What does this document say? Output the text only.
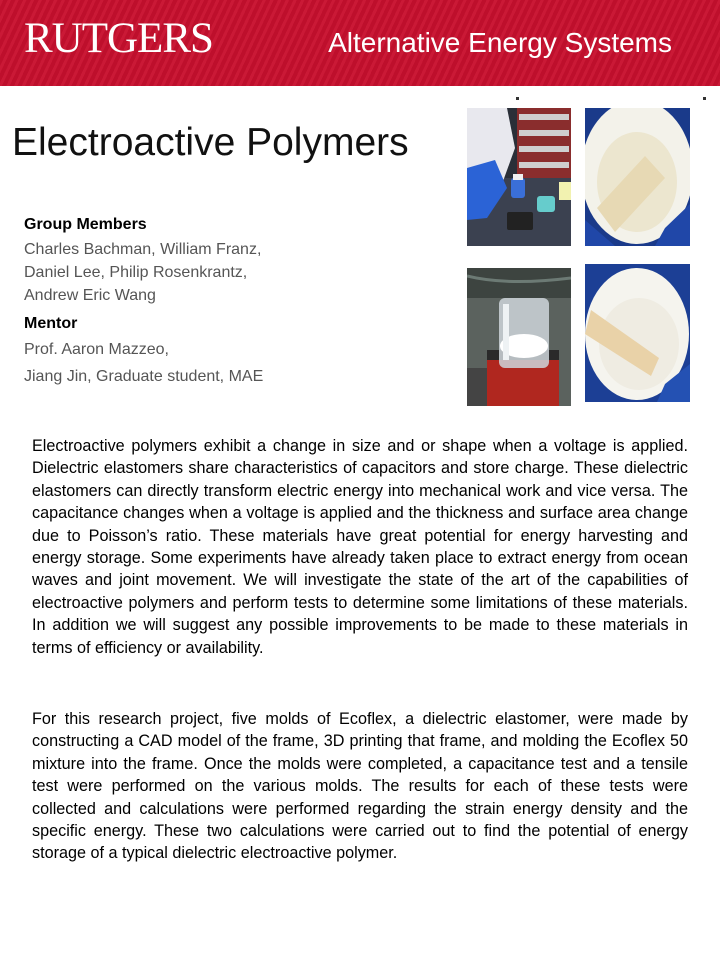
RUTGERS	Alternative Energy Systems
Electroactive Polymers
Group Members
Charles Bachman, William Franz,
Daniel Lee, Philip Rosenkrantz,
Andrew Eric Wang
Mentor
Prof. Aaron Mazzeo,
Jiang Jin, Graduate student, MAE

Electroactive polymers exhibit a change in size and or shape when a voltage is applied. Dielectric elastomers share characteristics of capacitors and store charge. These dielectric elastomers can directly transform electric energy into mechanical work and vice versa. The capacitance changes when a voltage is applied and the thickness and surface area change due to Poisson’s ratio. These materials have great potential for energy harvesting and energy storage. Some experiments have already taken place to extract energy from ocean waves and joint movement. We will investigate the state of the art of the capabilities of electroactive polymers and perform tests to determine some limitations of these materials. In addition we will suggest any possible improvements to be made to these materials in terms of efficiency or availability.

For this research project, five molds of Ecoflex, a dielectric elastomer, were made by constructing a CAD model of the frame, 3D printing that frame, and molding the Ecoflex 50 mixture into the frame. Once the molds were completed, a capacitance test and a tensile test were performed on the various molds. The results for each of these tests were collected and calculations were performed regarding the strain energy density and the specific energy. These two calculations were carried out to find the potential of energy storage of a typical dielectric electroactive polymer.
